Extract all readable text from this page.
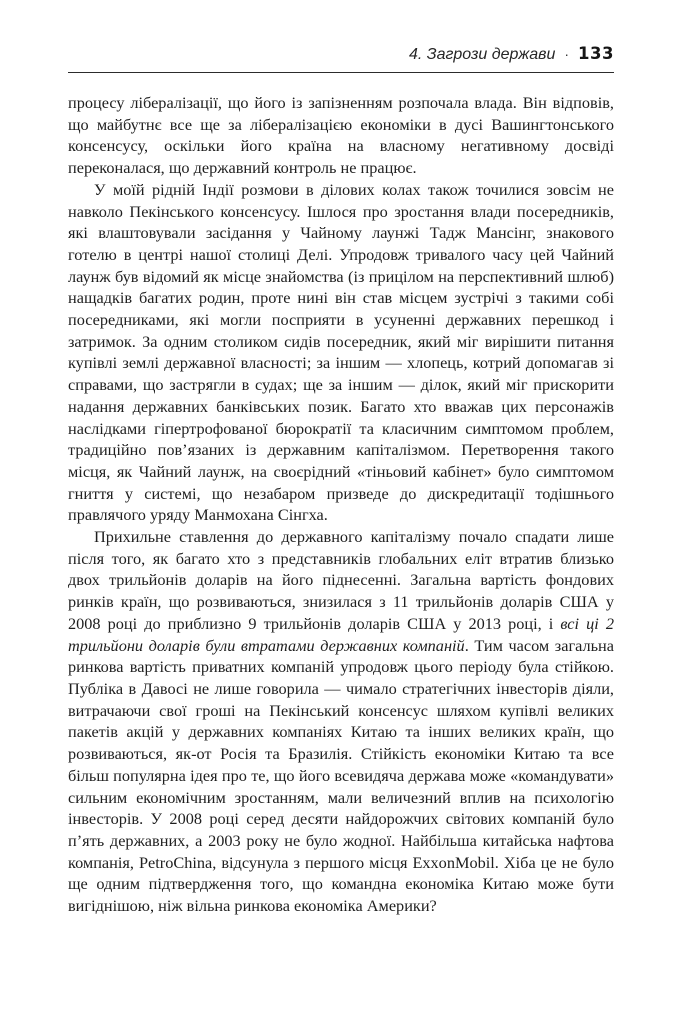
4. Загрози держави · 133

процесу лібералізації, що його із запізненням розпочала влада. Він відповів, що майбутнє все ще за лібералізацією економіки в дусі Вашингтонського консенсусу, оскільки його країна на власному негативному досвіді переконалася, що державний контроль не працює.

У моїй рідній Індії розмови в ділових колах також точилися зовсім не навколо Пекінського консенсусу. Ішлося про зростання влади посередників, які влаштовували засідання у Чайному лаунжі Тадж Мансінг, знакового готелю в центрі нашої столиці Делі. Упродовж тривалого часу цей Чайний лаунж був відомий як місце знайомства (із прицілом на перспективний шлюб) нащадків багатих родин, проте нині він став місцем зустрічі з такими собі посередниками, які могли посприяти в усуненні державних перешкод і затримок. За одним столиком сидів посередник, який міг вирішити питання купівлі землі державної власності; за іншим — хлопець, котрий допомагав зі справами, що застрягли в судах; ще за іншим — ділок, який міг прискорити надання державних банківських позик. Багато хто вважав цих персонажів наслідками гіпертрофованої бюрократії та класичним симптомом проблем, традиційно пов’язаних із державним капіталізмом. Перетворення такого місця, як Чайний лаунж, на своєрідний «тіньовий кабінет» було симптомом гниття у системі, що незабаром призведе до дискредитації тодішнього правлячого уряду Манмохана Сінгха.

Прихильне ставлення до державного капіталізму почало спадати лише після того, як багато хто з представників глобальних еліт втратив близько двох трильйонів доларів на його піднесенні. Загальна вартість фондових ринків країн, що розвиваються, знизилася з 11 трильйонів доларів США у 2008 році до приблизно 9 трильйонів доларів США у 2013 році, і всі ці 2 трильйони доларів були втратами державних компаній. Тим часом загальна ринкова вартість приватних компаній упродовж цього періоду була стійкою. Публіка в Давосі не лише говорила — чимало стратегічних інвесторів діяли, витрачаючи свої гроші на Пекінський консенсус шляхом купівлі великих пакетів акцій у державних компаніях Китаю та інших великих країн, що розвиваються, як-от Росія та Бразилія. Стійкість економіки Китаю та все більш популярна ідея про те, що його всевидяча держава може «командувати» сильним економічним зростанням, мали величезний вплив на психологію інвесторів. У 2008 році серед десяти найдорожчих світових компаній було п’ять державних, а 2003 року не було жодної. Найбільша китайська нафтова компанія, PetroChina, відсунула з першого місця ExxonMobil. Хіба це не було ще одним підтвердження того, що командна економіка Китаю може бути вигіднішою, ніж вільна ринкова економіка Америки?
